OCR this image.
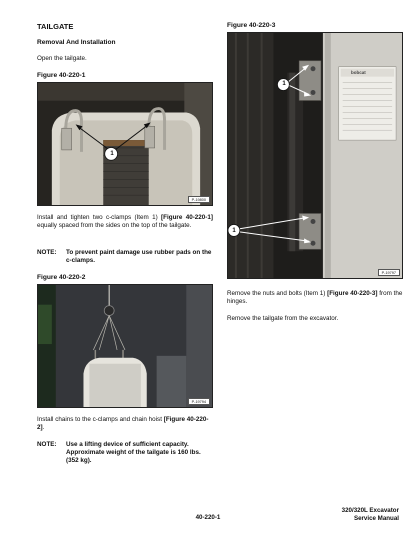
TAILGATE
Removal And Installation
Open the tailgate.
Figure 40-220-1
1
P-19800
Install and tighten two c-clamps (Item 1) [Figure 40-220-1] equally spaced from the sides on the top of the tailgate.
NOTE: To prevent paint damage use rubber pads on the c-clamps.
Figure 40-220-2
P-19794
Install chains to the c-clamps and chain hoist [Figure 40-220-2].
NOTE: Use a lifting device of sufficient capacity. Approximate weight of the tailgate is 160 lbs. (352 kg).
Figure 40-220-3
bobcat
1
1
P-19797
Remove the nuts and bolts (Item 1) [Figure 40-220-3] from the hinges.
Remove the tailgate from the excavator.
40-220-1
320/320L Excavator
Service Manual
